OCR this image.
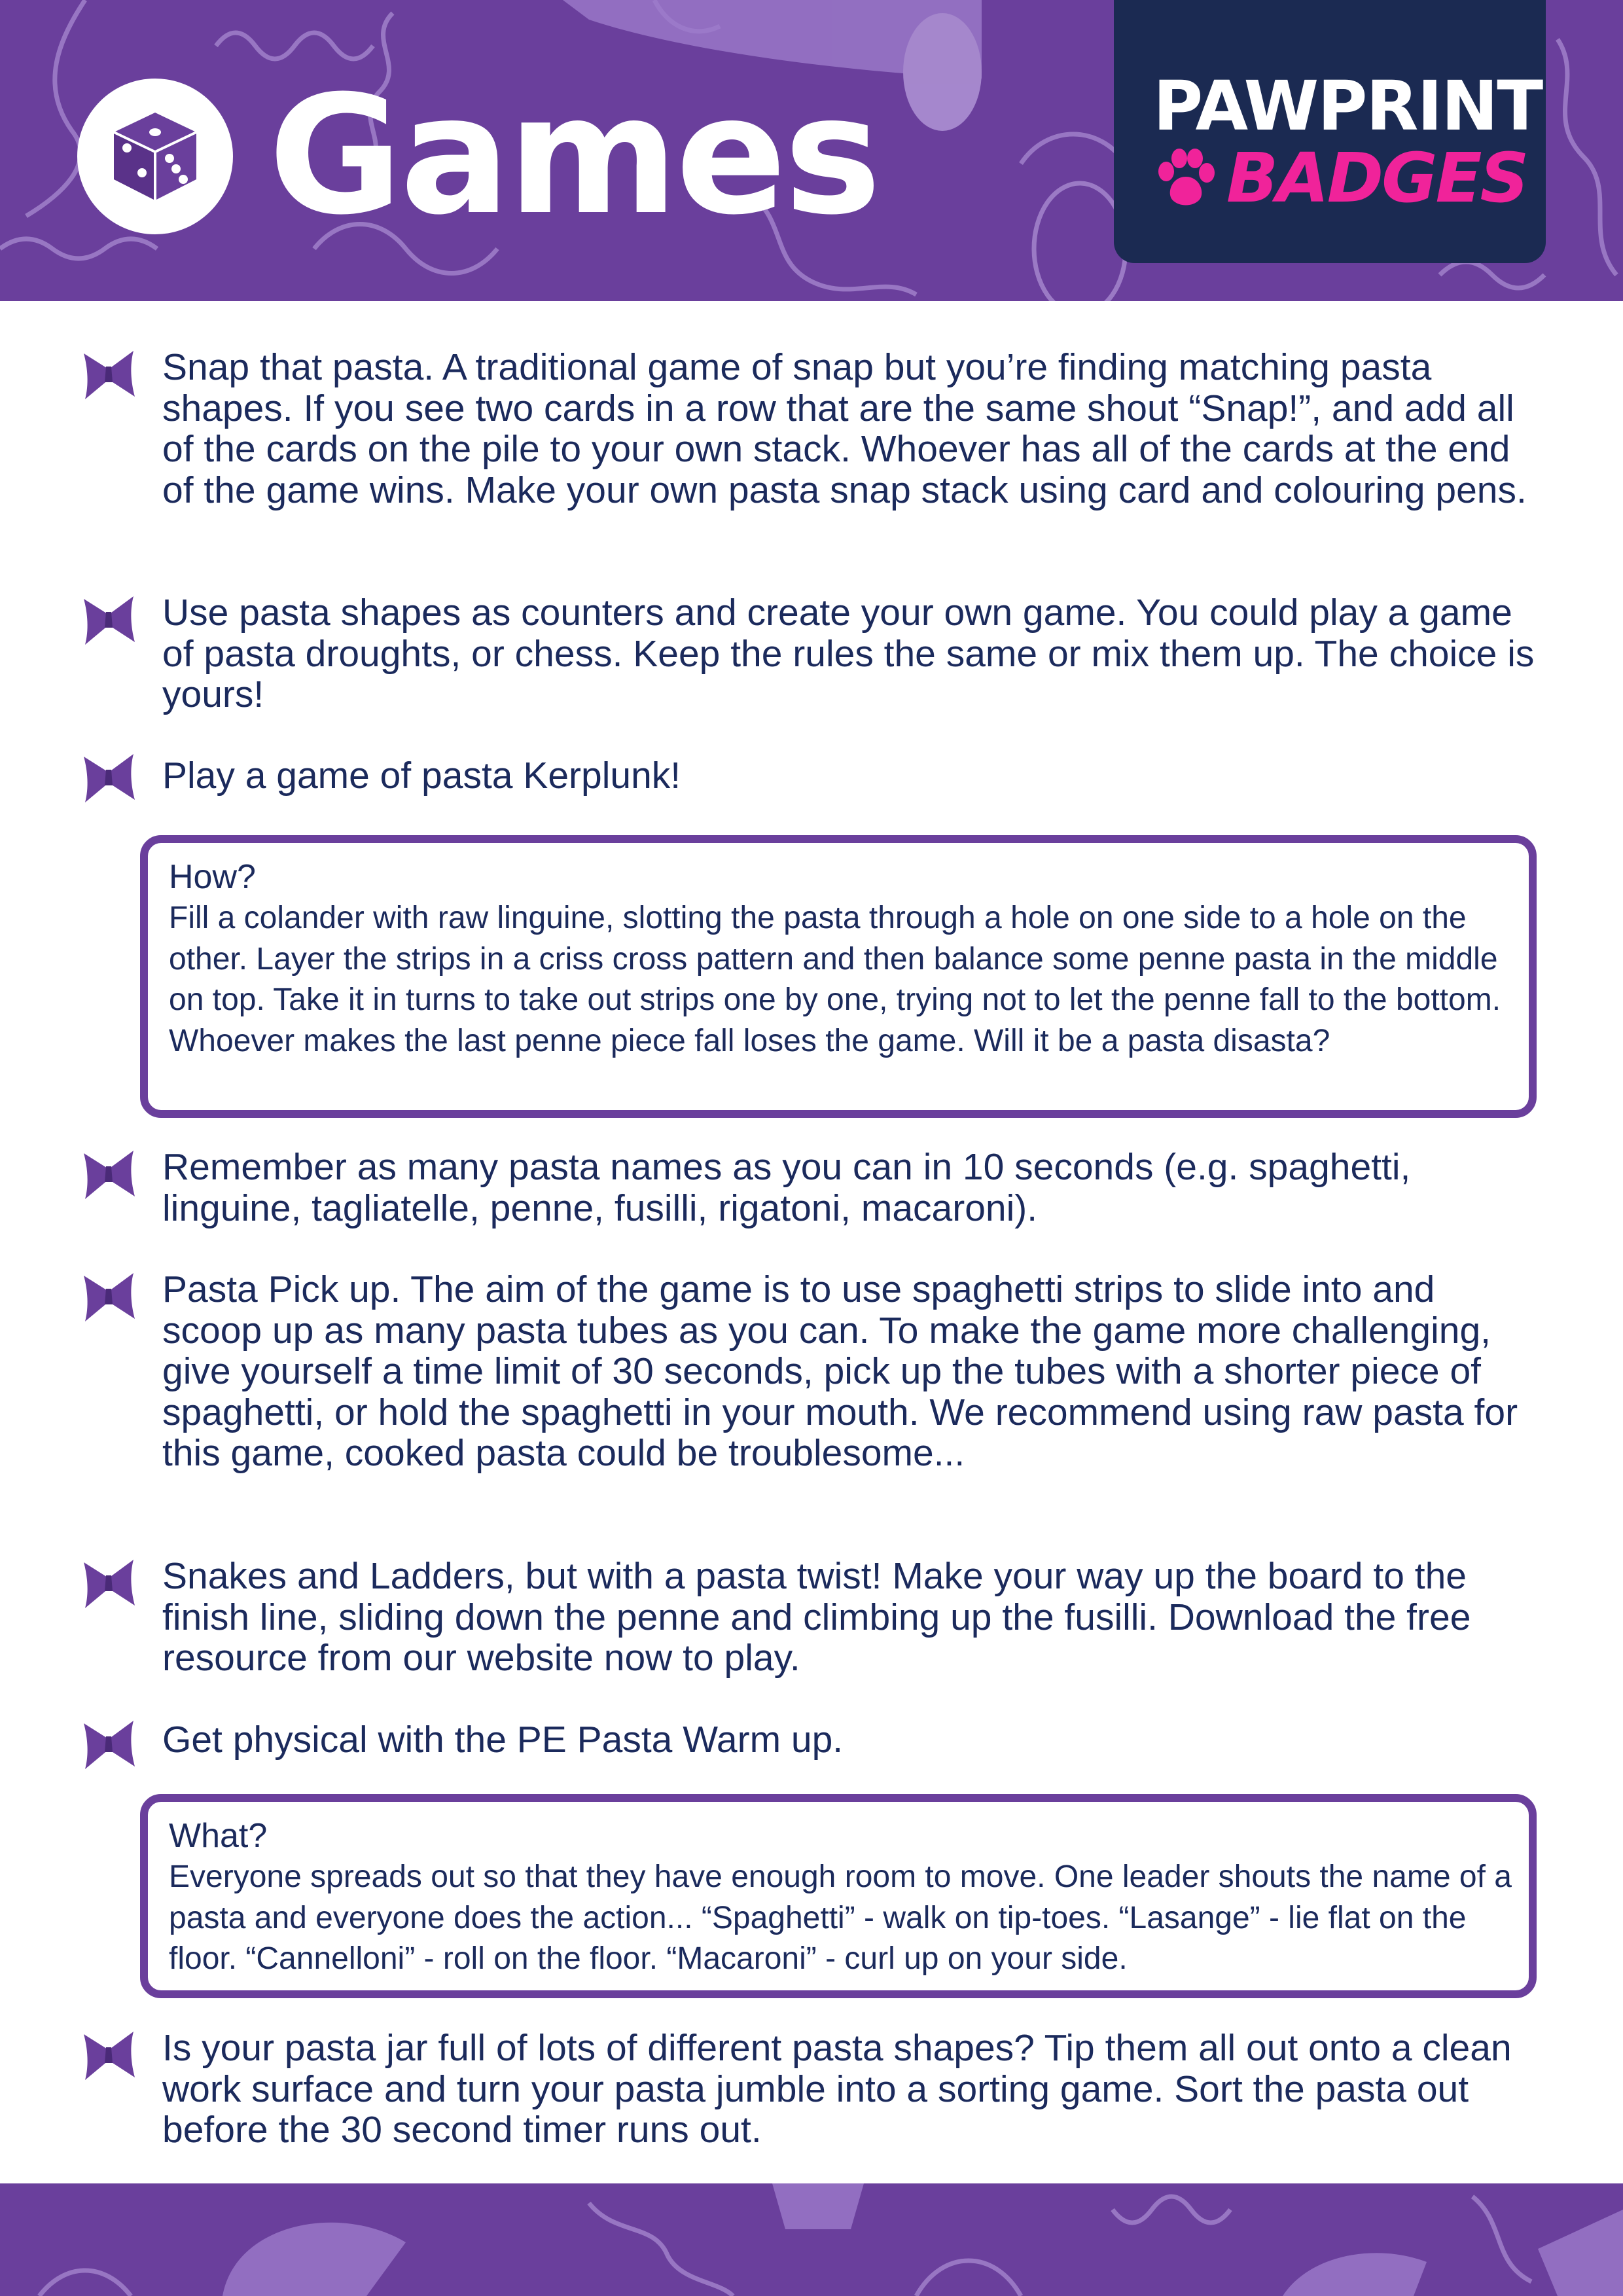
Games	PAWPRINT
BADGES

Snap that pasta. A traditional game of snap but you’re finding matching pasta shapes. If you see two cards in a row that are the same shout “Snap!”, and add all of the cards on the pile to your own stack. Whoever has all of the cards at the end of the game wins. Make your own pasta snap stack using card and colouring pens.

Use pasta shapes as counters and create your own game. You could play a game of pasta droughts, or chess. Keep the rules the same or mix them up. The choice is yours!

Play a game of pasta Kerplunk!

How?
Fill a colander with raw linguine, slotting the pasta through a hole on one side to a hole on the other. Layer the strips in a criss cross pattern and then balance some penne pasta in the middle on top. Take it in turns to take out strips one by one, trying not to let the penne fall to the bottom. Whoever makes the last penne piece fall loses the game. Will it be a pasta disasta?

Remember as many pasta names as you can in 10 seconds (e.g. spaghetti, linguine, tagliatelle, penne, fusilli, rigatoni, macaroni).

Pasta Pick up. The aim of the game is to use spaghetti strips to slide into and scoop up as many pasta tubes as you can. To make the game more challenging, give yourself a time limit of 30 seconds, pick up the tubes with a shorter piece of spaghetti, or hold the spaghetti in your mouth. We recommend using raw pasta for this game, cooked pasta could be troublesome...

Snakes and Ladders, but with a pasta twist! Make your way up the board to the finish line, sliding down the penne and climbing up the fusilli. Download the free resource from our website now to play.

Get physical with the PE Pasta Warm up.

What?
Everyone spreads out so that they have enough room to move. One leader shouts the name of a pasta and everyone does the action... “Spaghetti” - walk on tip-toes. “Lasange” - lie flat on the floor. “Cannelloni” - roll on the floor. “Macaroni” - curl up on your side.

Is your pasta jar full of lots of different pasta shapes? Tip them all out onto a clean work surface and turn your pasta jumble into a sorting game. Sort the pasta out before the 30 second timer runs out.
